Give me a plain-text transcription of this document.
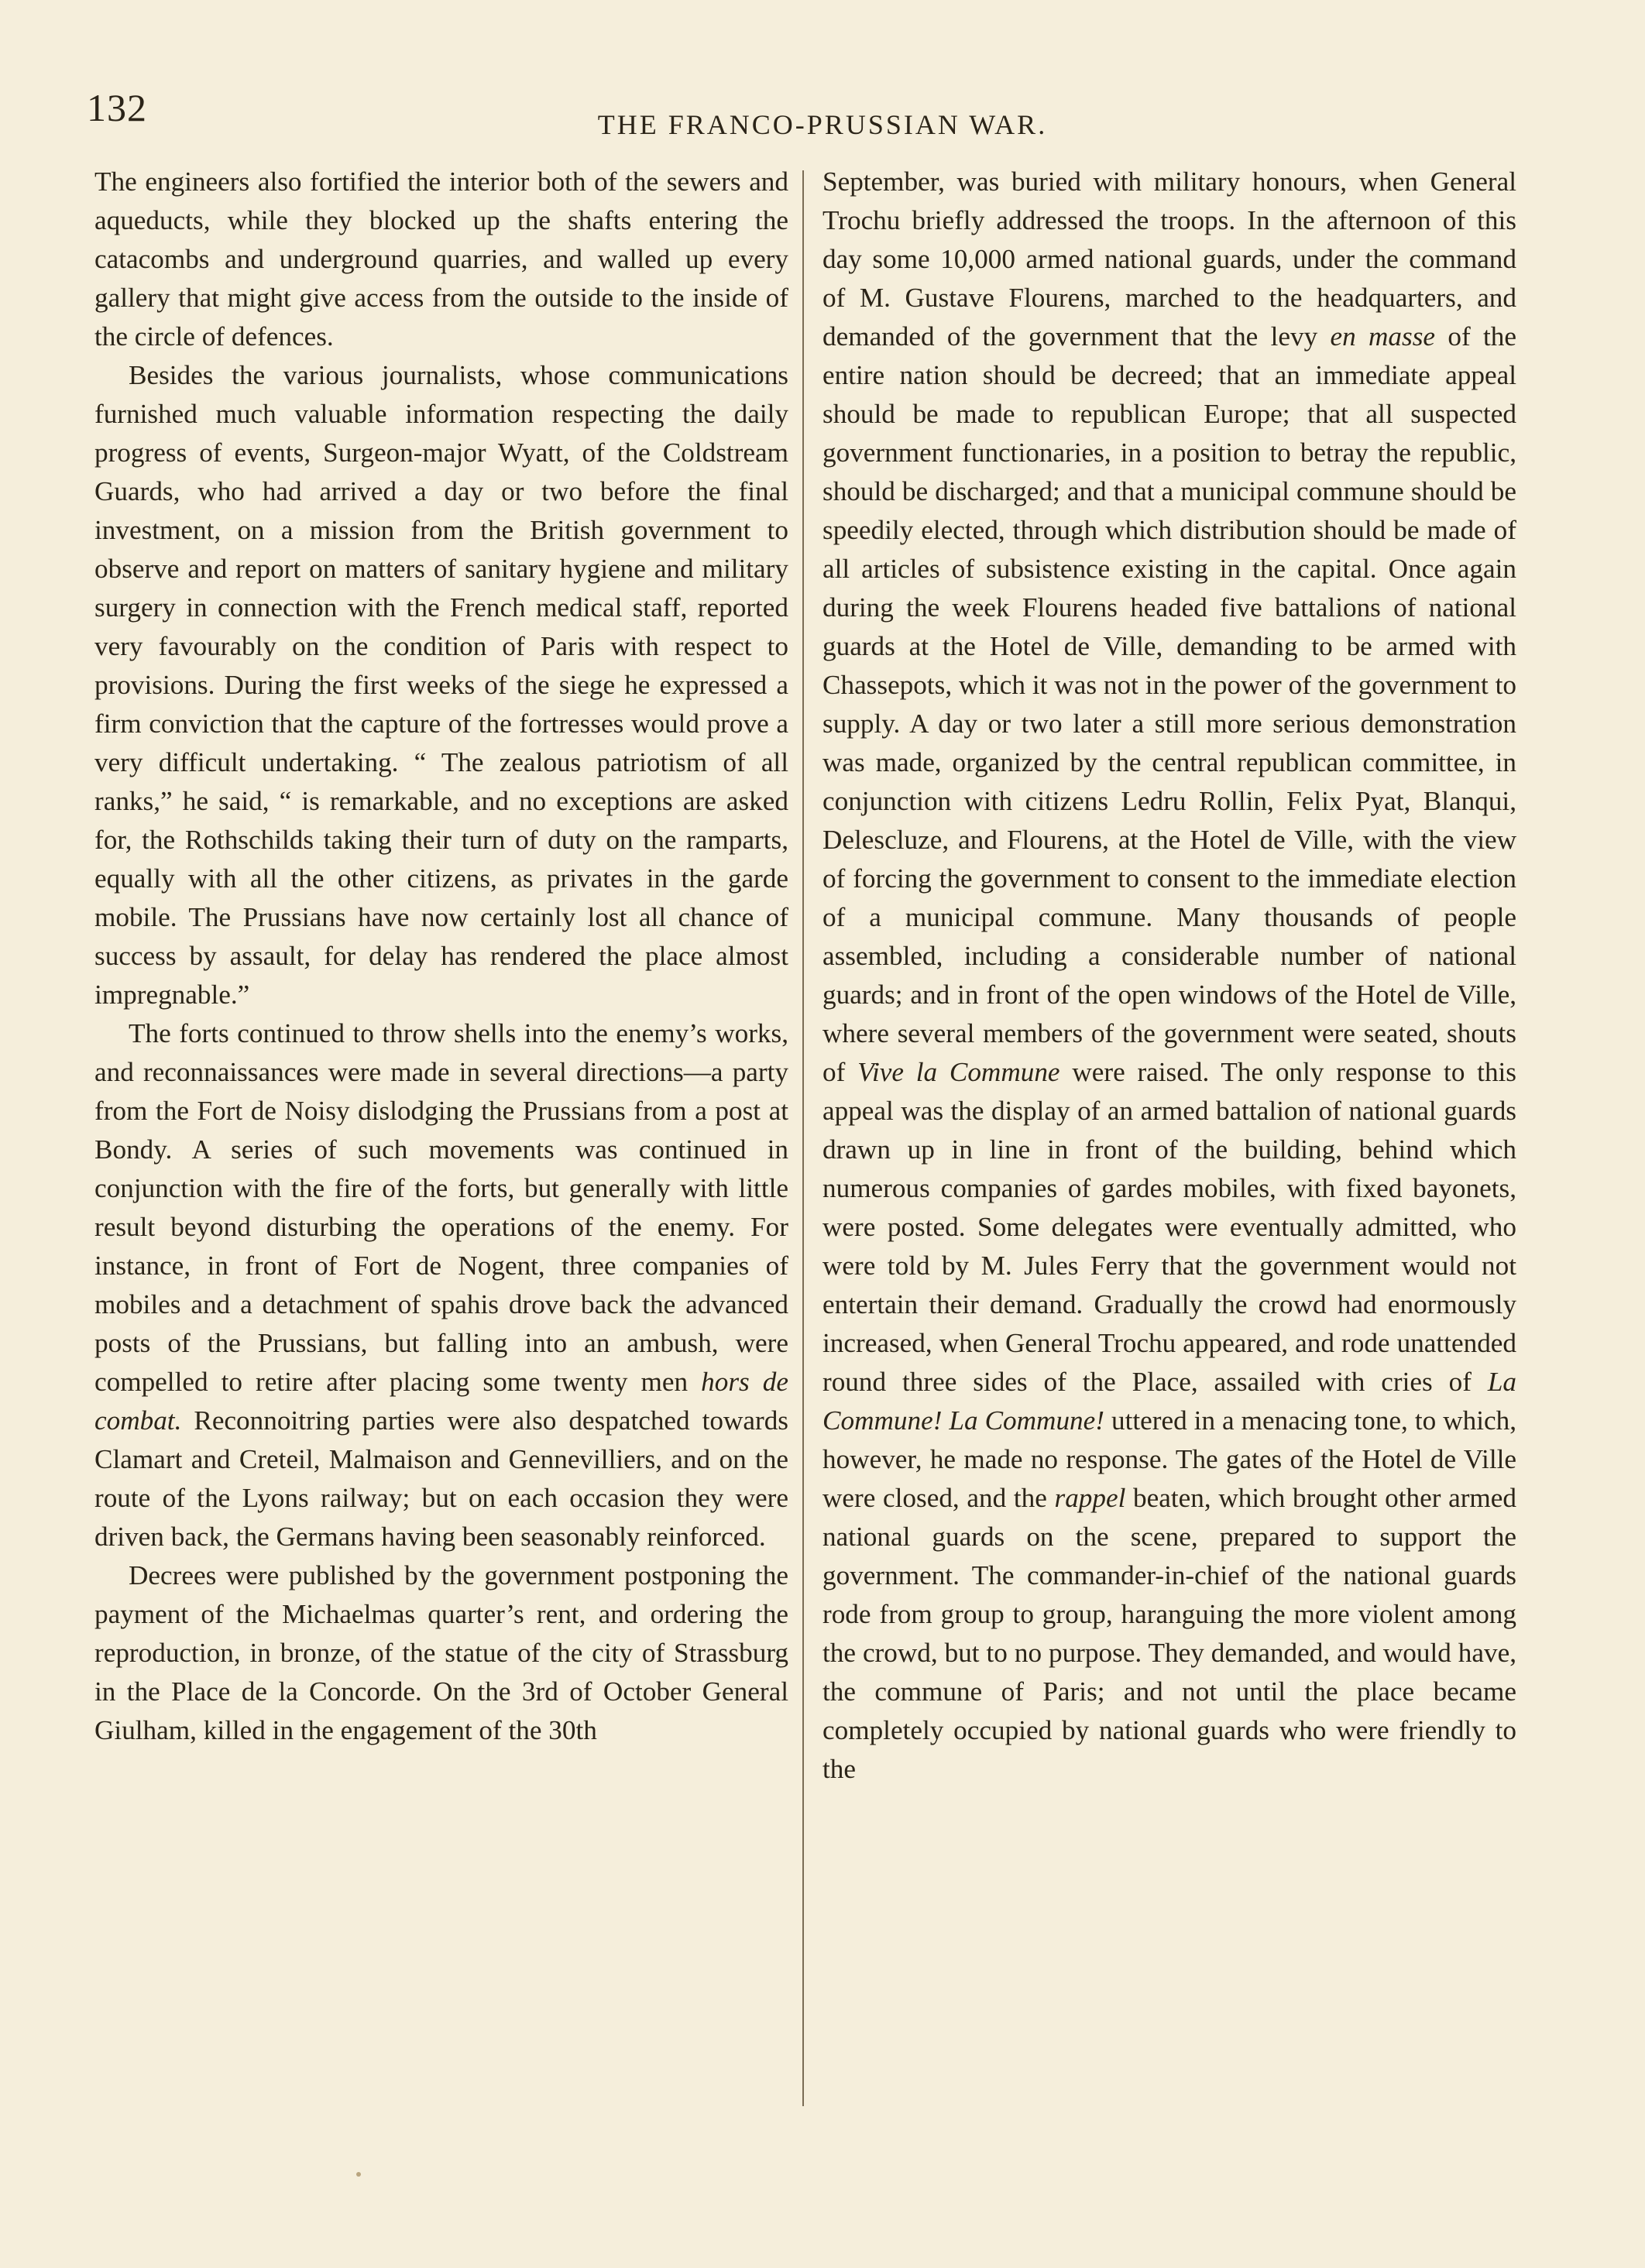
132	THE FRANCO-PRUSSIAN WAR.

The engineers also fortified the interior both of the sewers and aqueducts, while they blocked up the shafts entering the catacombs and underground quarries, and walled up every gallery that might give access from the outside to the inside of the circle of defences.

Besides the various journalists, whose communications furnished much valuable information respecting the daily progress of events, Surgeon-major Wyatt, of the Coldstream Guards, who had arrived a day or two before the final investment, on a mission from the British government to observe and report on matters of sanitary hygiene and military surgery in connection with the French medical staff, reported very favourably on the condition of Paris with respect to provisions. During the first weeks of the siege he expressed a firm conviction that the capture of the fortresses would prove a very difficult undertaking. “ The zealous patriotism of all ranks,” he said, “ is remarkable, and no exceptions are asked for, the Rothschilds taking their turn of duty on the ramparts, equally with all the other citizens, as privates in the garde mobile. The Prussians have now certainly lost all chance of success by assault, for delay has rendered the place almost impregnable.”

The forts continued to throw shells into the enemy’s works, and reconnaissances were made in several directions—a party from the Fort de Noisy dislodging the Prussians from a post at Bondy. A series of such movements was continued in conjunction with the fire of the forts, but generally with little result beyond disturbing the operations of the enemy. For instance, in front of Fort de Nogent, three companies of mobiles and a detachment of spahis drove back the advanced posts of the Prussians, but falling into an ambush, were compelled to retire after placing some twenty men hors de combat. Reconnoitring parties were also despatched towards Clamart and Creteil, Malmaison and Gennevilliers, and on the route of the Lyons railway; but on each occasion they were driven back, the Germans having been seasonably reinforced.

Decrees were published by the government postponing the payment of the Michaelmas quarter’s rent, and ordering the reproduction, in bronze, of the statue of the city of Strassburg in the Place de la Concorde. On the 3rd of October General Giulham, killed in the engagement of the 30th

September, was buried with military honours, when General Trochu briefly addressed the troops. In the afternoon of this day some 10,000 armed national guards, under the command of M. Gustave Flourens, marched to the headquarters, and demanded of the government that the levy en masse of the entire nation should be decreed; that an immediate appeal should be made to republican Europe; that all suspected government functionaries, in a position to betray the republic, should be discharged; and that a municipal commune should be speedily elected, through which distribution should be made of all articles of subsistence existing in the capital. Once again during the week Flourens headed five battalions of national guards at the Hotel de Ville, demanding to be armed with Chassepots, which it was not in the power of the government to supply. A day or two later a still more serious demonstration was made, organized by the central republican committee, in conjunction with citizens Ledru Rollin, Felix Pyat, Blanqui, Delescluze, and Flourens, at the Hotel de Ville, with the view of forcing the government to consent to the immediate election of a municipal commune. Many thousands of people assembled, including a considerable number of national guards; and in front of the open windows of the Hotel de Ville, where several members of the government were seated, shouts of Vive la Commune were raised. The only response to this appeal was the display of an armed battalion of national guards drawn up in line in front of the building, behind which numerous companies of gardes mobiles, with fixed bayonets, were posted. Some delegates were eventually admitted, who were told by M. Jules Ferry that the government would not entertain their demand. Gradually the crowd had enormously increased, when General Trochu appeared, and rode unattended round three sides of the Place, assailed with cries of La Commune! La Commune! uttered in a menacing tone, to which, however, he made no response. The gates of the Hotel de Ville were closed, and the rappel beaten, which brought other armed national guards on the scene, prepared to support the government. The commander-in-chief of the national guards rode from group to group, haranguing the more violent among the crowd, but to no purpose. They demanded, and would have, the commune of Paris; and not until the place became completely occupied by national guards who were friendly to the
